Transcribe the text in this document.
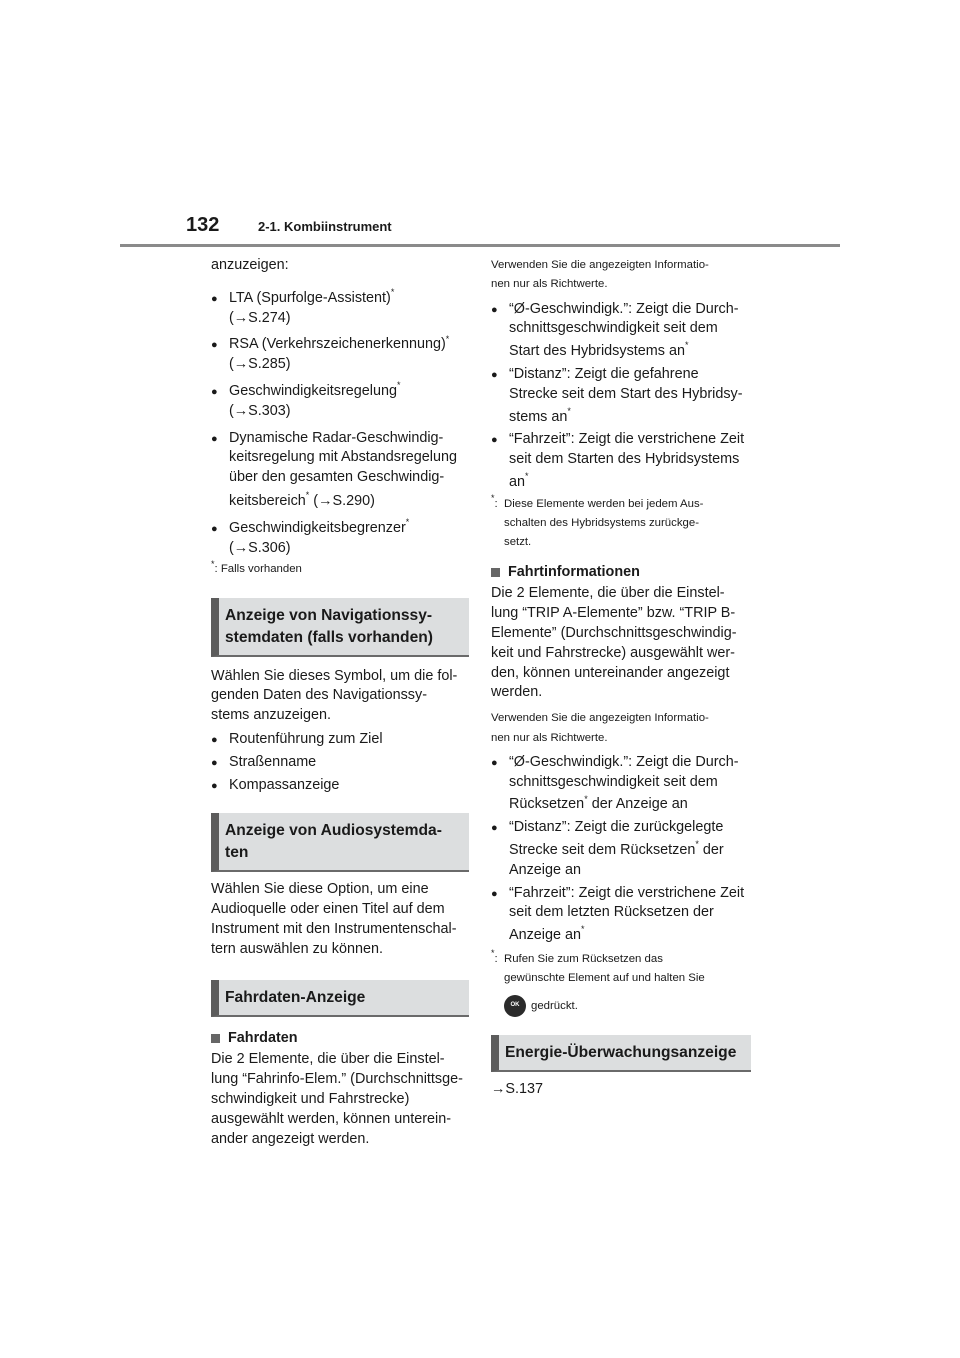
132	2-1. Kombiinstrument

anzuzeigen:

● LTA (Spurfolge-Assistent)*
(→S.274)
● RSA (Verkehrszeichenerkennung)*
(→S.285)
● Geschwindigkeitsregelung*
(→S.303)
● Dynamische Radar-Geschwindig-
keitsregelung mit Abstandsregelung
über den gesamten Geschwindig-
keitsbereich* (→S.290)
● Geschwindigkeitsbegrenzer*
(→S.306)

*: Falls vorhanden

Anzeige von Navigationssy-
stemdaten (falls vorhanden)

Wählen Sie dieses Symbol, um die fol-
genden Daten des Navigationssy-
stems anzuzeigen.

● Routenführung zum Ziel
● Straßenname
● Kompassanzeige
Anzeige von Audiosystemda-
ten

Wählen Sie diese Option, um eine
Audioquelle oder einen Titel auf dem
Instrument mit den Instrumentenschal-
tern auswählen zu können.

Fahrdaten-Anzeige
Fahrdaten

Die 2 Elemente, die über die Einstel-
lung “Fahrinfo-Elem.” (Durchschnittsge-
schwindigkeit und Fahrstrecke)
ausgewählt werden, können unterein-
ander angezeigt werden.

Verwenden Sie die angezeigten Informatio-
nen nur als Richtwerte.

● “Ø-Geschwindigk.”: Zeigt die Durch-
schnittsgeschwindigkeit seit dem
Start des Hybridsystems an*
● “Distanz”: Zeigt die gefahrene
Strecke seit dem Start des Hybridsy-
stems an*
● “Fahrzeit”: Zeigt die verstrichene Zeit
seit dem Starten des Hybridsystems
an*
*: Diese Elemente werden bei jedem Aus-
schalten des Hybridsystems zurückge-
setzt.
Fahrtinformationen

Die 2 Elemente, die über die Einstel-
lung “TRIP A-Elemente” bzw. “TRIP B-
Elemente” (Durchschnittsgeschwindig-
keit und Fahrstrecke) ausgewählt wer-
den, können untereinander angezeigt
werden.

Verwenden Sie die angezeigten Informatio-
nen nur als Richtwerte.

● “Ø-Geschwindigk.”: Zeigt die Durch-
schnittsgeschwindigkeit seit dem
Rücksetzen* der Anzeige an
● “Distanz”: Zeigt die zurückgelegte
Strecke seit dem Rücksetzen* der
Anzeige an
● “Fahrzeit”: Zeigt die verstrichene Zeit
seit dem letzten Rücksetzen der
Anzeige an*
*: Rufen Sie zum Rücksetzen das
gewünschte Element auf und halten Sie
OK gedrückt.
Energie-Überwachungsanzeige

→S.137
